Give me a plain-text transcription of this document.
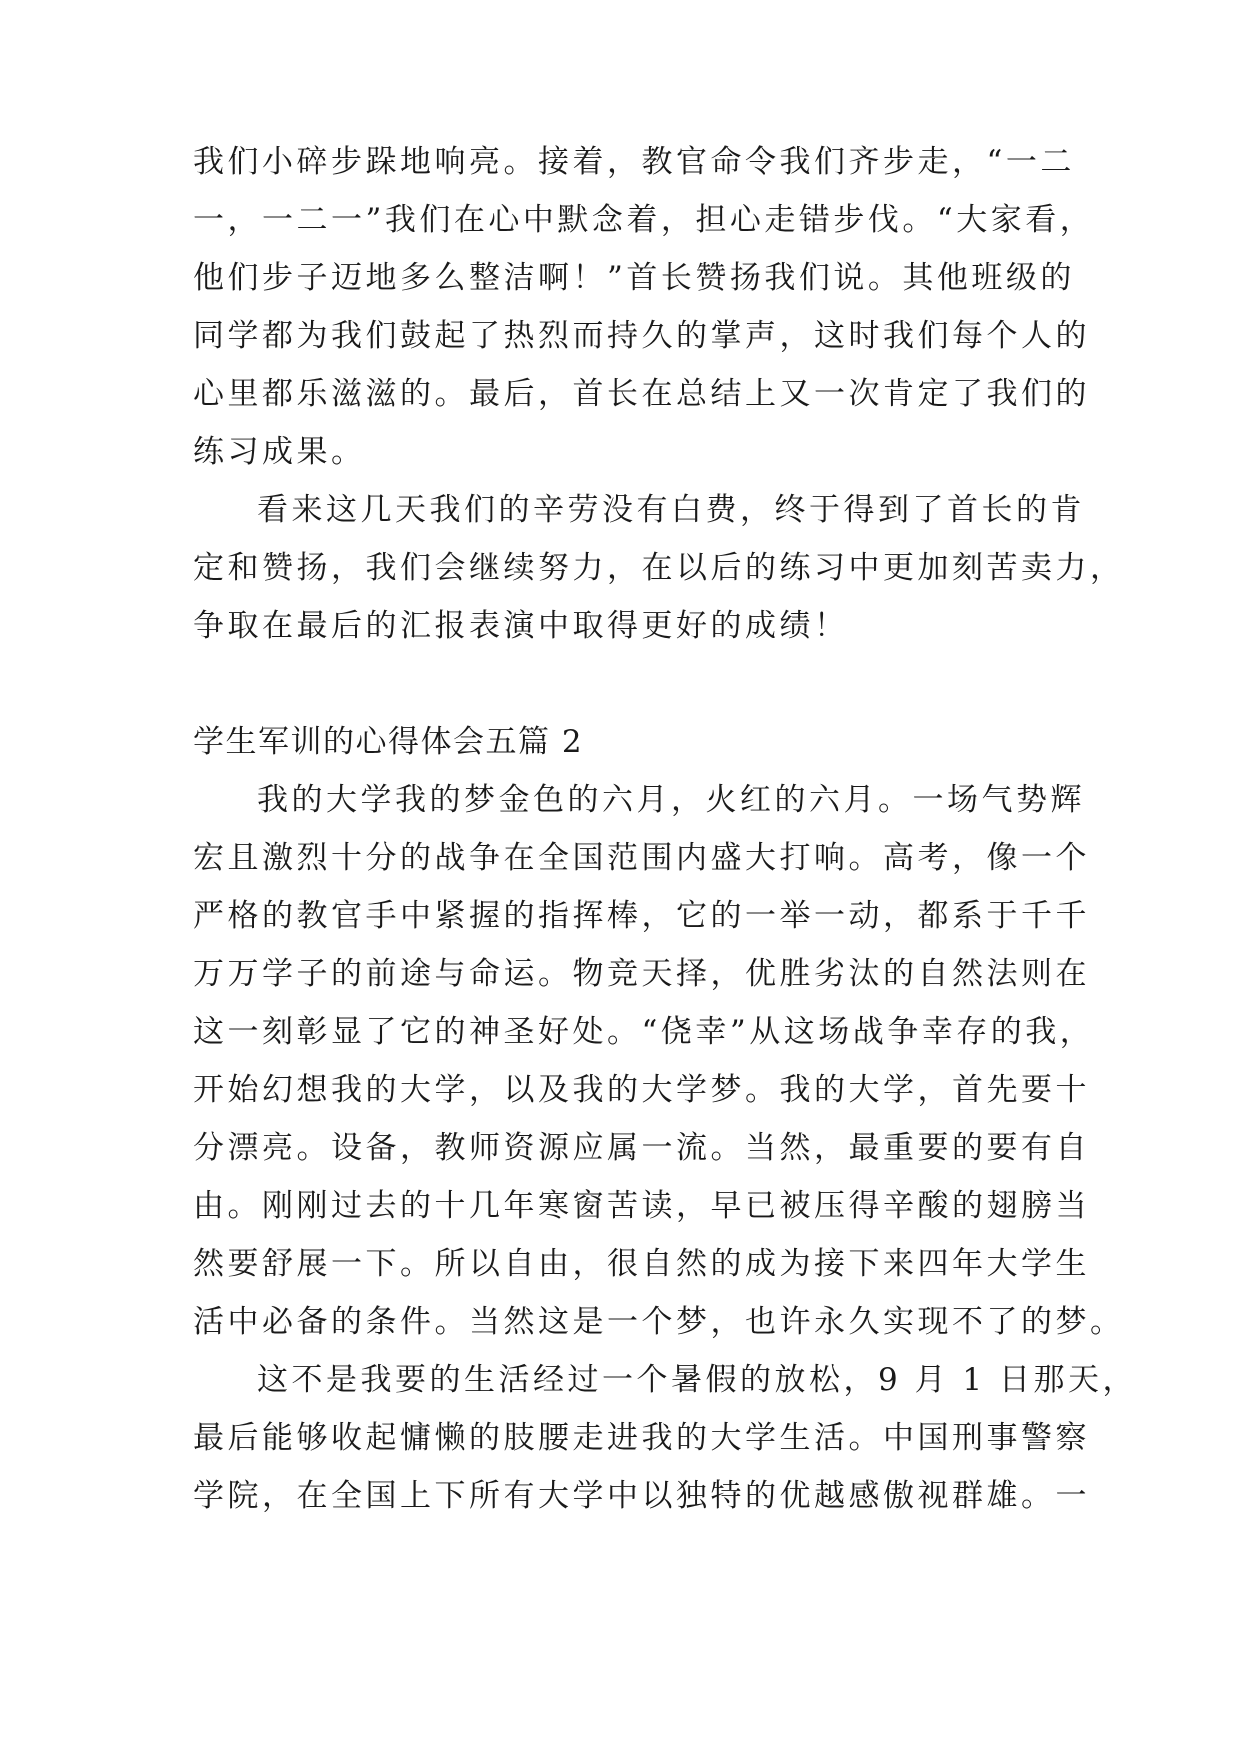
我们小碎步跺地响亮。接着，教官命令我们齐步走，“一二
一，一二一”我们在心中默念着，担心走错步伐。“大家看，
他们步子迈地多么整洁啊！”首长赞扬我们说。其他班级的
同学都为我们鼓起了热烈而持久的掌声，这时我们每个人的
心里都乐滋滋的。最后，首长在总结上又一次肯定了我们的
练习成果。
看来这几天我们的辛劳没有白费，终于得到了首长的肯
定和赞扬，我们会继续努力，在以后的练习中更加刻苦卖力，
争取在最后的汇报表演中取得更好的成绩！
学生军训的心得体会五篇 2
我的大学我的梦金色的六月，火红的六月。一场气势辉
宏且激烈十分的战争在全国范围内盛大打响。高考，像一个
严格的教官手中紧握的指挥棒，它的一举一动，都系于千千
万万学子的前途与命运。物竞天择，优胜劣汰的自然法则在
这一刻彰显了它的神圣好处。“侥幸”从这场战争幸存的我，
开始幻想我的大学，以及我的大学梦。我的大学，首先要十
分漂亮。设备，教师资源应属一流。当然，最重要的要有自
由。刚刚过去的十几年寒窗苦读，早已被压得辛酸的翅膀当
然要舒展一下。所以自由，很自然的成为接下来四年大学生
活中必备的条件。当然这是一个梦，也许永久实现不了的梦。
这不是我要的生活经过一个暑假的放松，9 月 1 日那天，
最后能够收起慵懒的肢腰走进我的大学生活。中国刑事警察
学院，在全国上下所有大学中以独特的优越感傲视群雄。一
